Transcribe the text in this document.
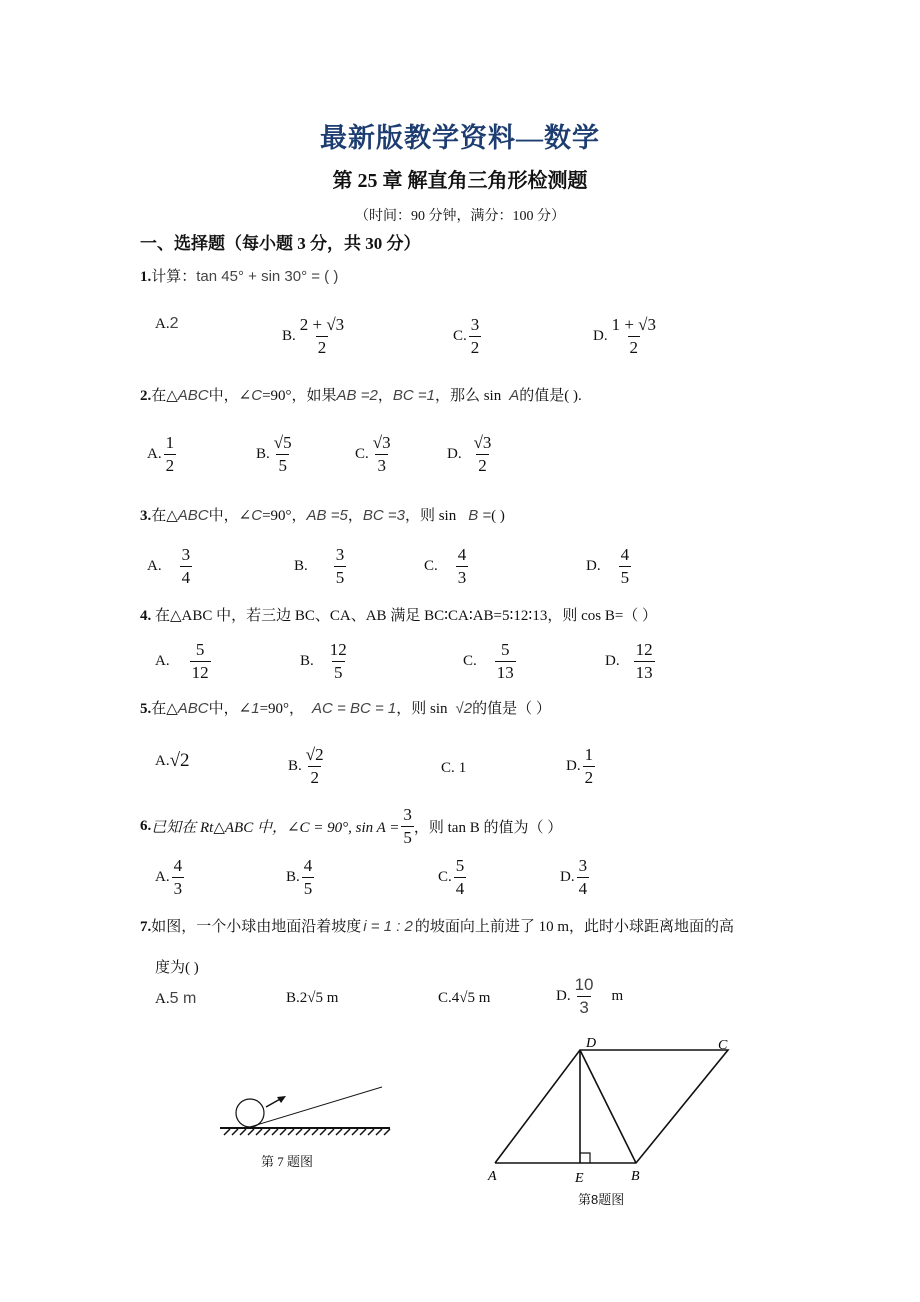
最新版教学资料—数学
第 25 章 解直角三角形检测题
（时间：90 分钟，满分：100 分）
一、选择题（每小题 3 分，共 30 分）
1.计算：tan 45° + sin 30° = ( )
A. 2
B. $\frac{2 + √3}{2}$	C. $\frac{3}{2}$	D. $\frac{1 + √3}{2}$
2.在△ABC中，∠C=90°，如果AB =2，BC =1，那么 sin A的值是( ).
A. $\frac{1}{2}$	B. $\frac{√5}{5}$	C. $\frac{√3}{3}$	D. $\frac{√3}{2}$
3.在△ABC中，∠C=90°，AB =5，BC =3，则 sin B =( )
A. $\frac{3}{4}$	B. $\frac{3}{5}$	C. $\frac{4}{3}$	D. $\frac{4}{5}$
4. 在△ABC 中，若三边 BC、CA、AB 满足 BC∶CA∶AB=5∶12∶13，则 cos B=（ ）
A. $\frac{5}{12}$	B. $\frac{12}{5}$	C. $\frac{5}{13}$	D. $\frac{12}{13}$
5.在△ABC中，∠1=90°， AC = BC = 1，则 sin √2的值是（ ）
A. √2	B. $\frac{√2}{2}$	C. 1	D. $\frac{1}{2}$
6. 已知在 Rt△ABC 中，∠C = 90°, $\sin A = \frac{3}{5}$ ，则 tan B 的值为（ ）
A. $\frac{4}{3}$	B. $\frac{4}{5}$	C. $\frac{5}{4}$	D. $\frac{3}{4}$
7.如图，一个小球由地面沿着坡度 i = 1 : 2 的坡面向上前进了 10 m，此时小球距离地面的高
度为( )
A. 5 m	B. 2√5 m	C. 4√5 m	D. $\frac{10}{3}$ m
第 7 题图
A	B
C
D
E
第8题图
